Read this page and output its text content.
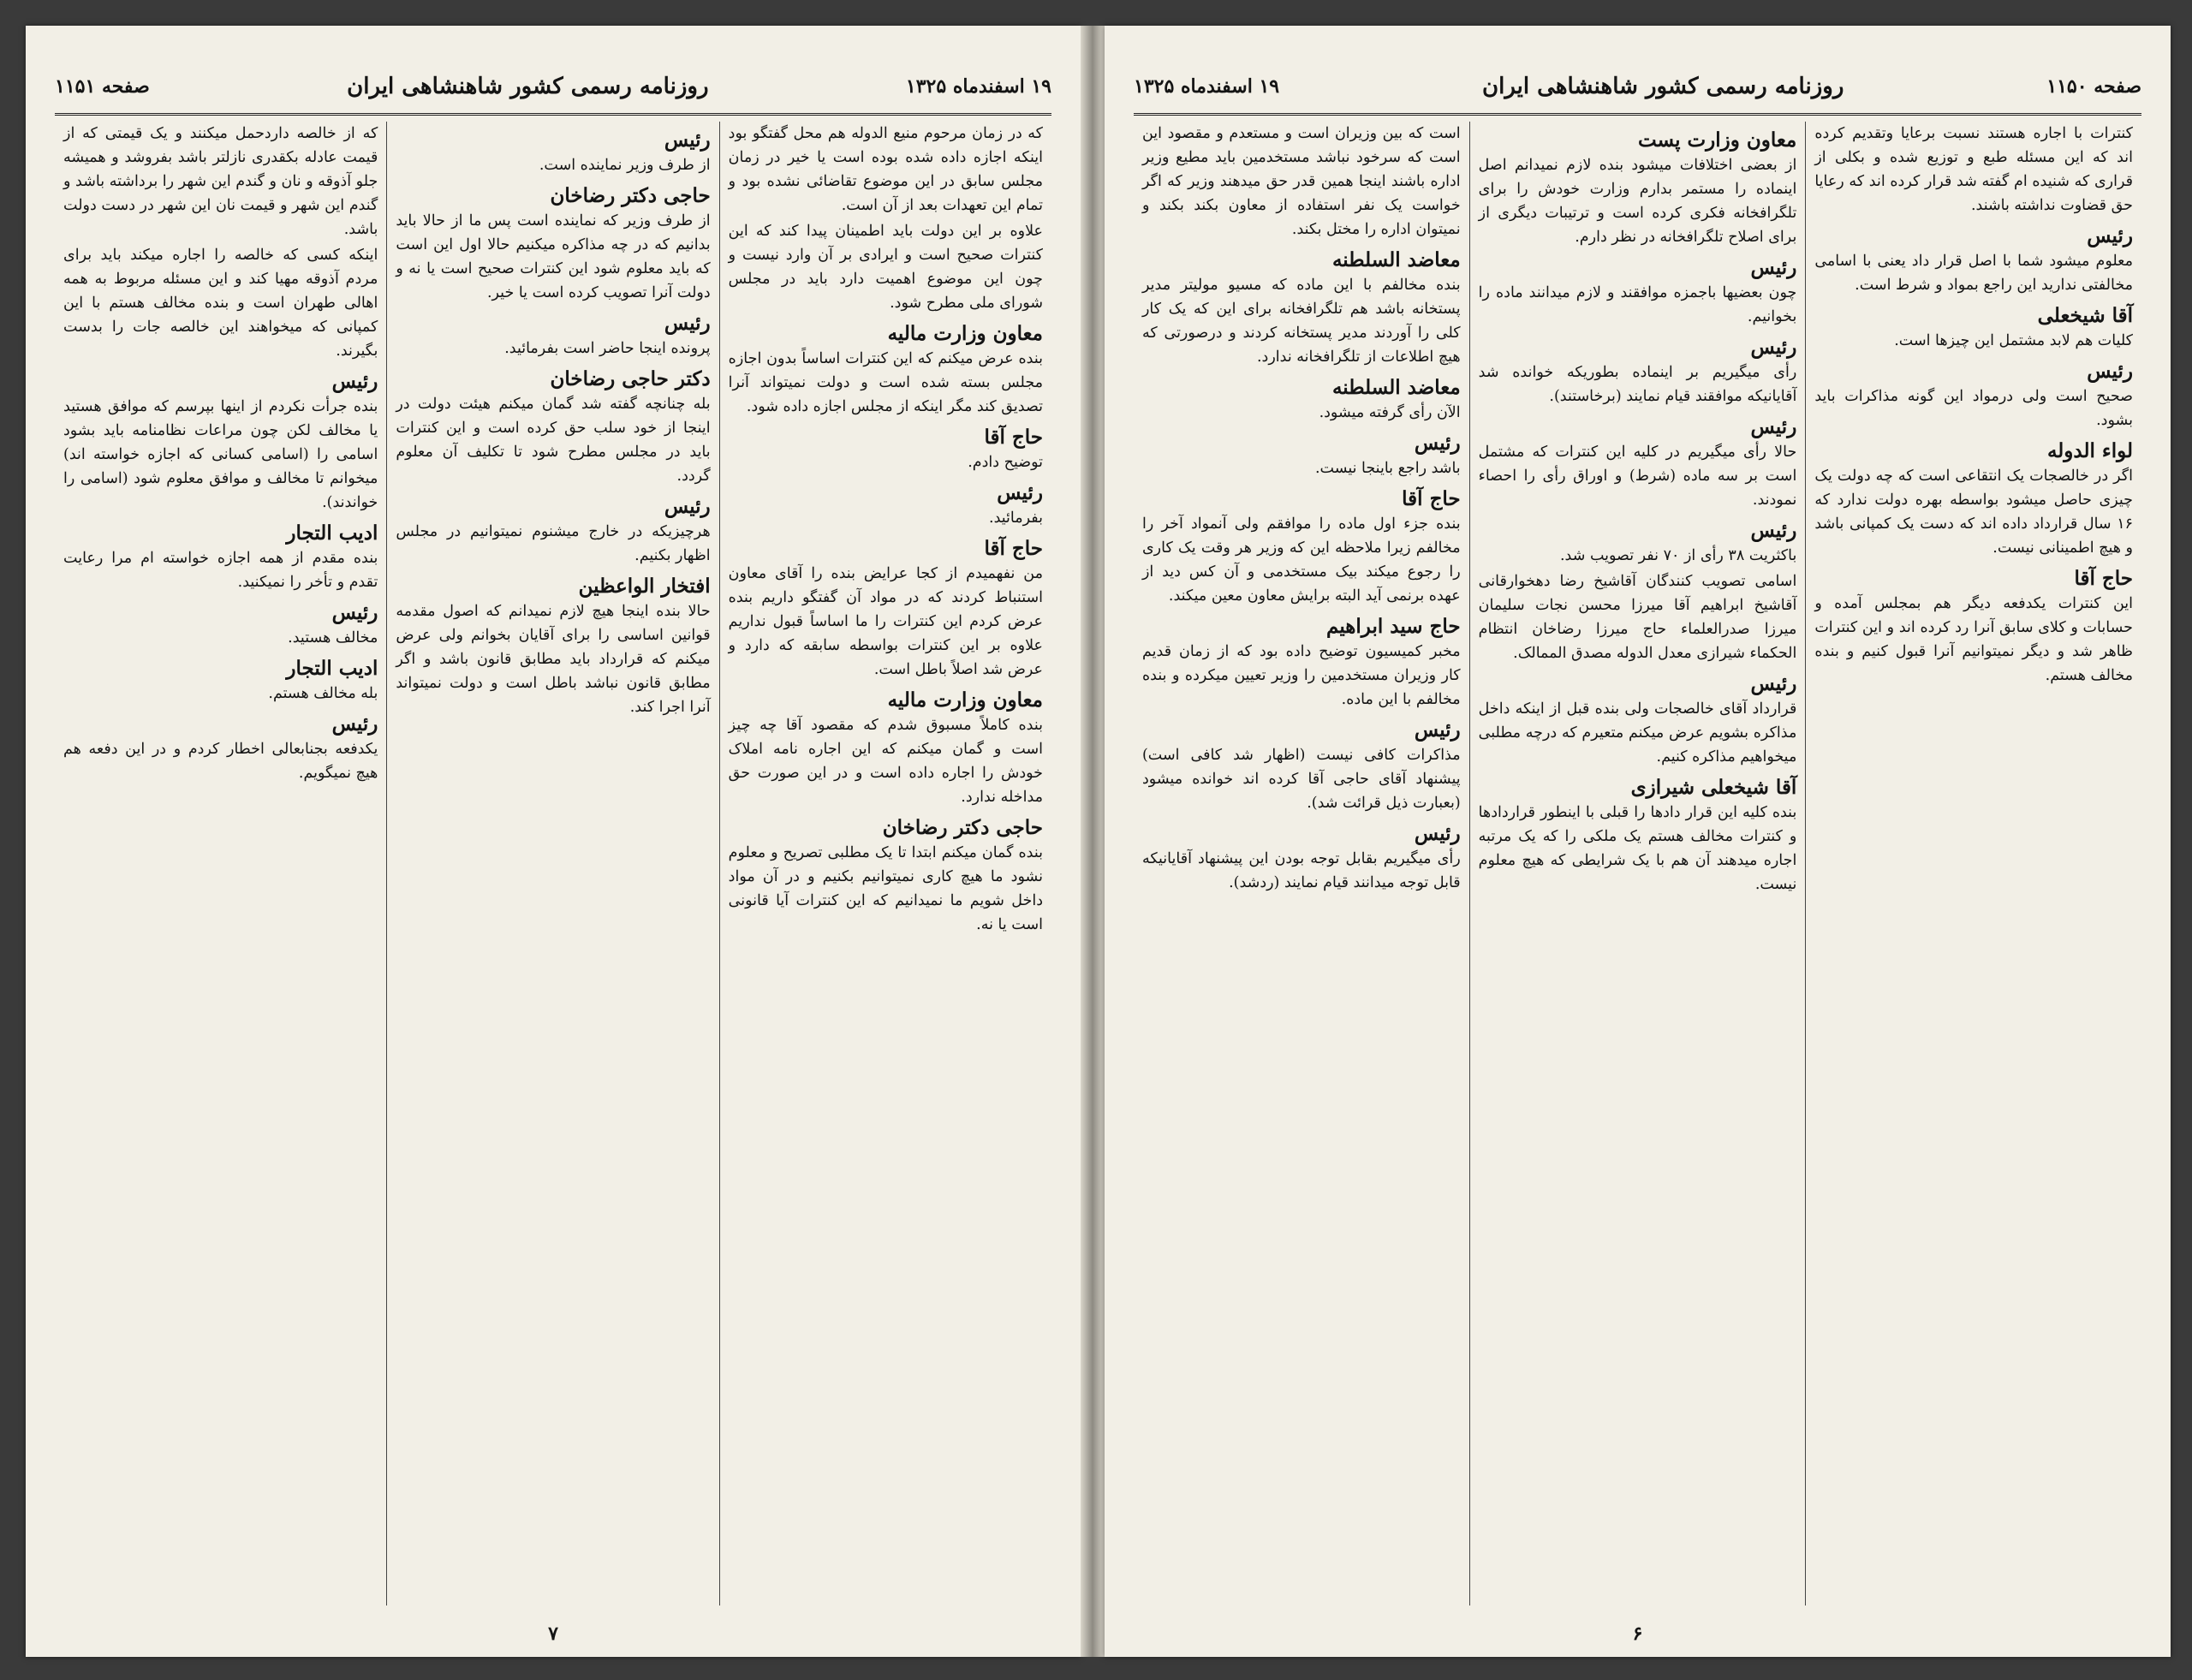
۱۹ اسفندماه ۱۳۲۵
روزنامه رسمی کشور شاهنشاهی ایران
صفحه ۱۱۵۱

که در زمان مرحوم منیع الدوله هم محل گفتگو بود اینکه اجازه داده شده بوده است یا خیر در زمان مجلس سابق در این موضوع تقاضائی نشده بود و تمام این تعهدات بعد از آن است.

علاوه بر این دولت باید اطمینان پیدا کند که این کنترات صحیح است و ایرادی بر آن وارد نیست و چون این موضوع اهمیت دارد باید در مجلس شورای ملی مطرح شود.

معاون وزارت مالیه

بنده عرض میکنم که این کنترات اساساً بدون اجازه مجلس بسته شده است و دولت نمیتواند آنرا تصدیق کند مگر اینکه از مجلس اجازه داده شود.

حاج آقا

توضیح دادم.

رئیس

بفرمائید.

حاج آقا

من نفهمیدم از کجا عرایض بنده را آقای معاون استنباط کردند که در مواد آن گفتگو داریم بنده عرض کردم این کنترات را ما اساساً قبول نداریم علاوه بر این کنترات بواسطه سابقه که دارد و عرض شد اصلاً باطل است.

معاون وزارت مالیه

بنده کاملاً مسبوق شدم که مقصود آقا چه چیز است و گمان میکنم که این اجاره نامه املاک خودش را اجاره داده است و در این صورت حق مداخله ندارد.

حاجی دکتر رضاخان

بنده گمان میکنم ابتدا تا یک مطلبی تصریح و معلوم نشود ما هیچ کاری نمیتوانیم بکنیم و در آن مواد داخل شویم ما نمیدانیم که این کنترات آیا قانونی است یا نه.

رئیس

از طرف وزیر نماینده است.

حاجی دکتر رضاخان

از طرف وزیر که نماینده است پس ما از حالا باید بدانیم که در چه مذاکره میکنیم حالا اول این است که باید معلوم شود این کنترات صحیح است یا نه و دولت آنرا تصویب کرده است یا خیر.

رئیس

پرونده اینجا حاضر است بفرمائید.

دکتر حاجی رضاخان

بله چنانچه گفته شد گمان میکنم هیئت دولت در اینجا از خود سلب حق کرده است و این کنترات باید در مجلس مطرح شود تا تکلیف آن معلوم گردد.

رئیس

هرچیزیکه در خارج میشنوم نمیتوانیم در مجلس اظهار بکنیم.

افتخار الواعظین

حالا بنده اینجا هیچ لازم نمیدانم که اصول مقدمه قوانین اساسی را برای آقایان بخوانم ولی عرض میکنم که قرارداد باید مطابق قانون باشد و اگر مطابق قانون نباشد باطل است و دولت نمیتواند آنرا اجرا کند.

که از خالصه داردحمل میکنند و یک قیمتی که از قیمت عادله بکقدری نازلتر باشد بفروشد و همیشه جلو آذوقه و نان و گندم این شهر را برداشته باشد و گندم این شهر و قیمت نان این شهر در دست دولت باشد.

اینکه کسی که خالصه را اجاره میکند باید برای مردم آذوقه مهیا کند و این مسئله مربوط به همه اهالی طهران است و بنده مخالف هستم با این کمپانی که میخواهند این خالصه جات را بدست بگیرند.

رئیس

بنده جرأت نکردم از اینها بپرسم که موافق هستید یا مخالف لکن چون مراعات نظامنامه باید بشود اسامی را (اسامی کسانی که اجازه خواسته اند) میخوانم تا مخالف و موافق معلوم شود (اسامی را خواندند).

ادیب التجار

بنده مقدم از همه اجازه خواسته ام مرا رعایت تقدم و تأخر را نمیکنید.

رئیس

مخالف هستید.

ادیب التجار

بله مخالف هستم.

رئیس

یکدفعه بجنابعالی اخطار کردم و در این دفعه هم هیچ نمیگویم.

۷
صفحه ۱۱۵۰
روزنامه رسمی کشور شاهنشاهی ایران
۱۹ اسفندماه ۱۳۲۵

کنترات با اجاره هستند نسبت برعایا وتقدیم کرده اند که این مسئله طبع و توزیع شده و بکلی از قراری که شنیده ام گفته شد قرار کرده اند که رعایا حق قضاوت نداشته باشند.

رئیس

معلوم میشود شما با اصل قرار داد یعنی با اسامی مخالفتی ندارید این راجع بمواد و شرط است.

آقا شیخعلی

کلیات هم لابد مشتمل این چیزها است.

رئیس

صحیح است ولی درمواد این گونه مذاکرات باید بشود.

لواء الدوله

اگر در خالصجات یک انتقاعی است که چه دولت یک چیزی حاصل میشود بواسطه بهره دولت ندارد که ۱۶ سال قرارداد داده اند که دست یک کمپانی باشد و هیچ اطمینانی نیست.

حاج آقا

این کنترات یکدفعه دیگر هم بمجلس آمده و حسابات و کلای سابق آنرا رد کرده اند و این کنترات ظاهر شد و دیگر نمیتوانیم آنرا قبول کنیم و بنده مخالف هستم.

معاون وزارت پست

از بعضی اختلافات میشود بنده لازم نمیدانم اصل اینماده را مستمر بدارم وزارت خودش را برای تلگرافخانه فکری کرده است و ترتیبات دیگری از برای اصلاح تلگرافخانه در نظر دارم.

رئیس

چون بعضیها باجمزه موافقند و لازم میدانند ماده را بخوانیم.

رئیس

رأی میگیریم بر اینماده بطوریکه خوانده شد آقایانیکه موافقند قیام نمایند (برخاستند).

رئیس

حالا رأی میگیریم در کلیه این کنترات که مشتمل است بر سه ماده (شرط) و اوراق رأی را احصاء نمودند.

رئیس

باکثریت ۳۸ رأی از ۷۰ نفر تصویب شد.

اسامی تصویب کنندگان آقاشیخ رضا دهخوارقانی آقاشیخ ابراهیم آقا میرزا محسن نجات سلیمان میرزا صدرالعلماء حاج میرزا رضاخان انتظام الحکماء شیرازی معدل الدوله مصدق الممالک.

رئیس

قرارداد آقای خالصجات ولی بنده قبل از اینکه داخل مذاکره بشویم عرض میکنم متعیرم که درچه مطلبی میخواهیم مذاکره کنیم.

آقا شیخعلی شیرازی

بنده کلیه این قرار دادها را قبلی با اینطور قراردادها و کنترات مخالف هستم یک ملکی را که یک مرتبه اجاره میدهند آن هم با یک شرایطی که هیچ معلوم نیست.

است که بین وزیران است و مستعدم و مقصود این است که سرخود نباشد مستخدمین باید مطیع وزیر اداره باشند اینجا همین قدر حق میدهند وزیر که اگر خواست یک نفر استفاده از معاون بکند بکند و نمیتوان اداره را مختل بکند.

معاضد السلطنه

بنده مخالفم با این ماده که مسیو مولیتر مدیر پستخانه باشد هم تلگرافخانه برای این که یک کار کلی را آوردند مدیر پستخانه کردند و درصورتی که هیچ اطلاعات از تلگرافخانه ندارد.

معاضد السلطنه

الآن رأی گرفته میشود.

رئیس

باشد راجع باینجا نیست.

حاج آقا

بنده جزء اول ماده را موافقم ولی آنمواد آخر را مخالفم زیرا ملاحظه این که وزیر هر وقت یک کاری را رجوع میکند بیک مستخدمی و آن کس دید از عهده برنمی آید البته برایش معاون معین میکند.

حاج سید ابراهیم

مخبر کمیسیون توضیح داده بود که از زمان قدیم کار وزیران مستخدمین را وزیر تعیین میکرده و بنده مخالفم با این ماده.

رئیس

مذاکرات کافی نیست (اظهار شد کافی است) پیشنهاد آقای حاجی آقا کرده اند خوانده میشود (بعبارت ذیل قرائت شد).

رئیس

رأی میگیریم بقابل توجه بودن این پیشنهاد آقایانیکه قابل توجه میدانند قیام نمایند (ردشد).

۶
